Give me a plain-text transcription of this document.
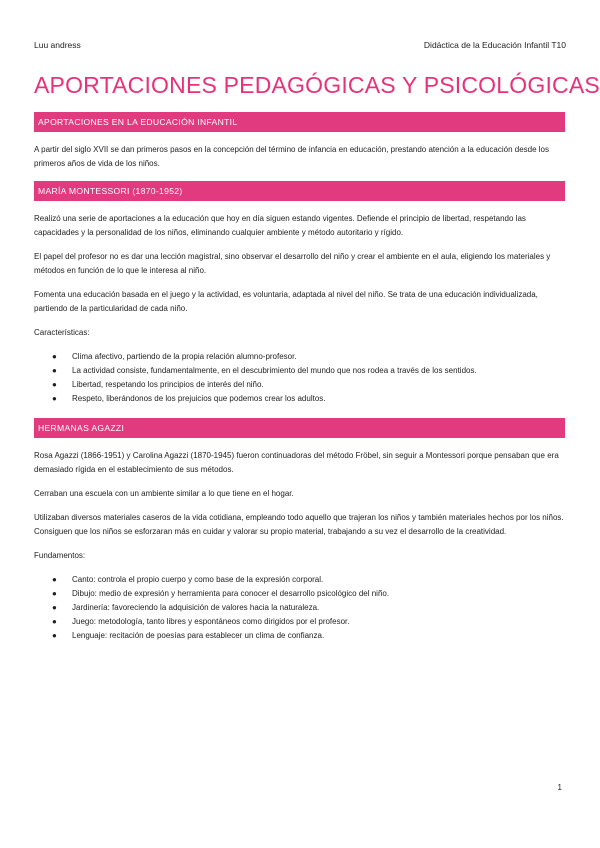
Luu andress	Didáctica de la Educación Infantil T10
APORTACIONES PEDAGÓGICAS Y PSICOLÓGICAS
APORTACIONES EN LA EDUCACIÓN INFANTIL

A partir del siglo XVII se dan primeros pasos en la concepción del término de infancia en educación, prestando atención a la educación desde los primeros años de vida de los niños.

MARÍA MONTESSORI (1870-1952)

Realizó una serie de aportaciones a la educación que hoy en día siguen estando vigentes. Defiende el principio de libertad, respetando las capacidades y la personalidad de los niños, eliminando cualquier ambiente y método autoritario y rígido.

El papel del profesor no es dar una lección magistral, sino observar el desarrollo del niño y crear el ambiente en el aula, eligiendo los materiales y métodos en función de lo que le interesa al niño.

Fomenta una educación basada en el juego y la actividad, es voluntaria, adaptada al nivel del niño. Se trata de una educación individualizada, partiendo de la particularidad de cada niño.

Características:

● Clima afectivo, partiendo de la propia relación alumno-profesor.
● La actividad consiste, fundamentalmente, en el descubrimiento del mundo que nos rodea a través de los sentidos.
● Libertad, respetando los principios de interés del niño.
● Respeto, liberándonos de los prejuicios que podemos crear los adultos.
HERMANAS AGAZZI

Rosa Agazzi (1866-1951) y Carolina Agazzi (1870-1945) fueron continuadoras del método Fröbel, sin seguir a Montessori porque pensaban que era demasiado rígida en el establecimiento de sus métodos.

Cerraban una escuela con un ambiente similar a lo que tiene en el hogar.

Utilizaban diversos materiales caseros de la vida cotidiana, empleando todo aquello que trajeran los niños y también materiales hechos por los niños. Consiguen que los niños se esforzaran más en cuidar y valorar su propio material, trabajando a su vez el desarrollo de la creatividad.

Fundamentos:

● Canto: controla el propio cuerpo y como base de la expresión corporal.
● Dibujo: medio de expresión y herramienta para conocer el desarrollo psicológico del niño.
● Jardinería: favoreciendo la adquisición de valores hacia la naturaleza.
● Juego: metodología, tanto libres y espontáneos como dirigidos por el profesor.
● Lenguaje: recitación de poesías para establecer un clima de confianza.
1
